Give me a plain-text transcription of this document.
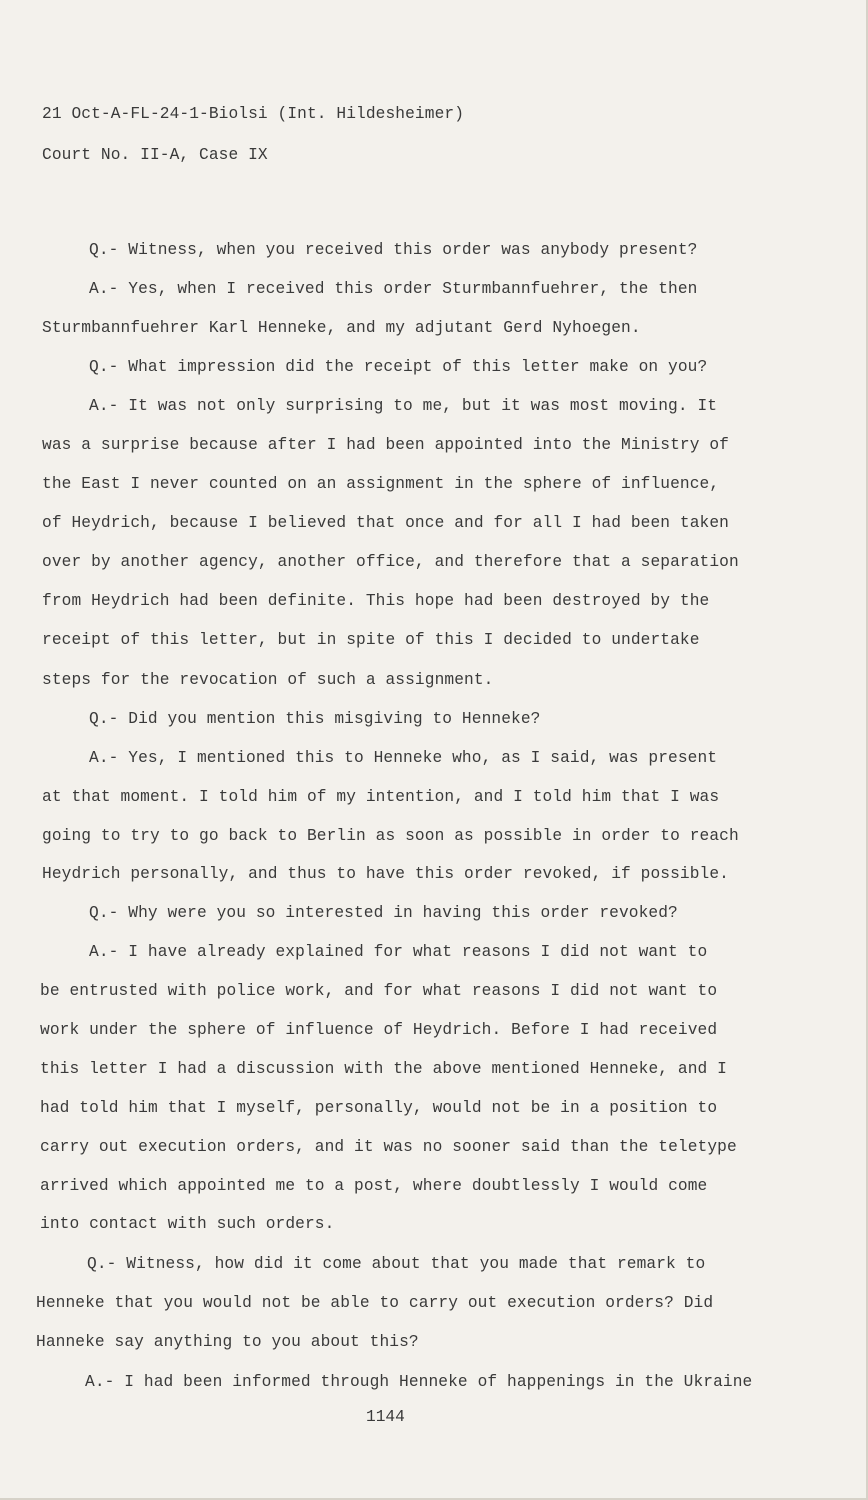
21 Oct-A-FL-24-1-Biolsi (Int. Hildesheimer)
Court No. II-A, Case IX
Q.- Witness, when you received this order was anybody present?
A.- Yes, when I received this order Sturmbannfuehrer, the then
Sturmbannfuehrer Karl Henneke, and my adjutant Gerd Nyhoegen.
Q.- What impression did the receipt of this letter make on you?
A.- It was not only surprising to me, but it was most moving. It
was a surprise because after I had been appointed into the Ministry of
the East I never counted on an assignment in the sphere of influence,
of Heydrich, because I believed that once and for all I had been taken
over by another agency, another office, and therefore that a separation
from Heydrich had been definite. This hope had been destroyed by the
receipt of this letter, but in spite of this I decided to undertake
steps for the revocation of such a assignment.
Q.- Did you mention this misgiving to Henneke?
A.- Yes, I mentioned this to Henneke who, as I said, was present
at that moment. I told him of my intention, and I told him that I was
going to try to go back to Berlin as soon as possible in order to reach
Heydrich personally, and thus to have this order revoked, if possible.
Q.- Why were you so interested in having this order revoked?
A.- I have already explained for what reasons I did not want to
be entrusted with police work, and for what reasons I did not want to
work under the sphere of influence of Heydrich. Before I had received
this letter I had a discussion with the above mentioned Henneke, and I
had told him that I myself, personally, would not be in a position to
carry out execution orders, and it was no sooner said than the teletype
arrived which appointed me to a post, where doubtlessly I would come
into contact with such orders.
Q.- Witness, how did it come about that you made that remark to
Henneke that you would not be able to carry out execution orders? Did
Hanneke say anything to you about this?
A.- I had been informed through Henneke of happenings in the Ukraine
1144
